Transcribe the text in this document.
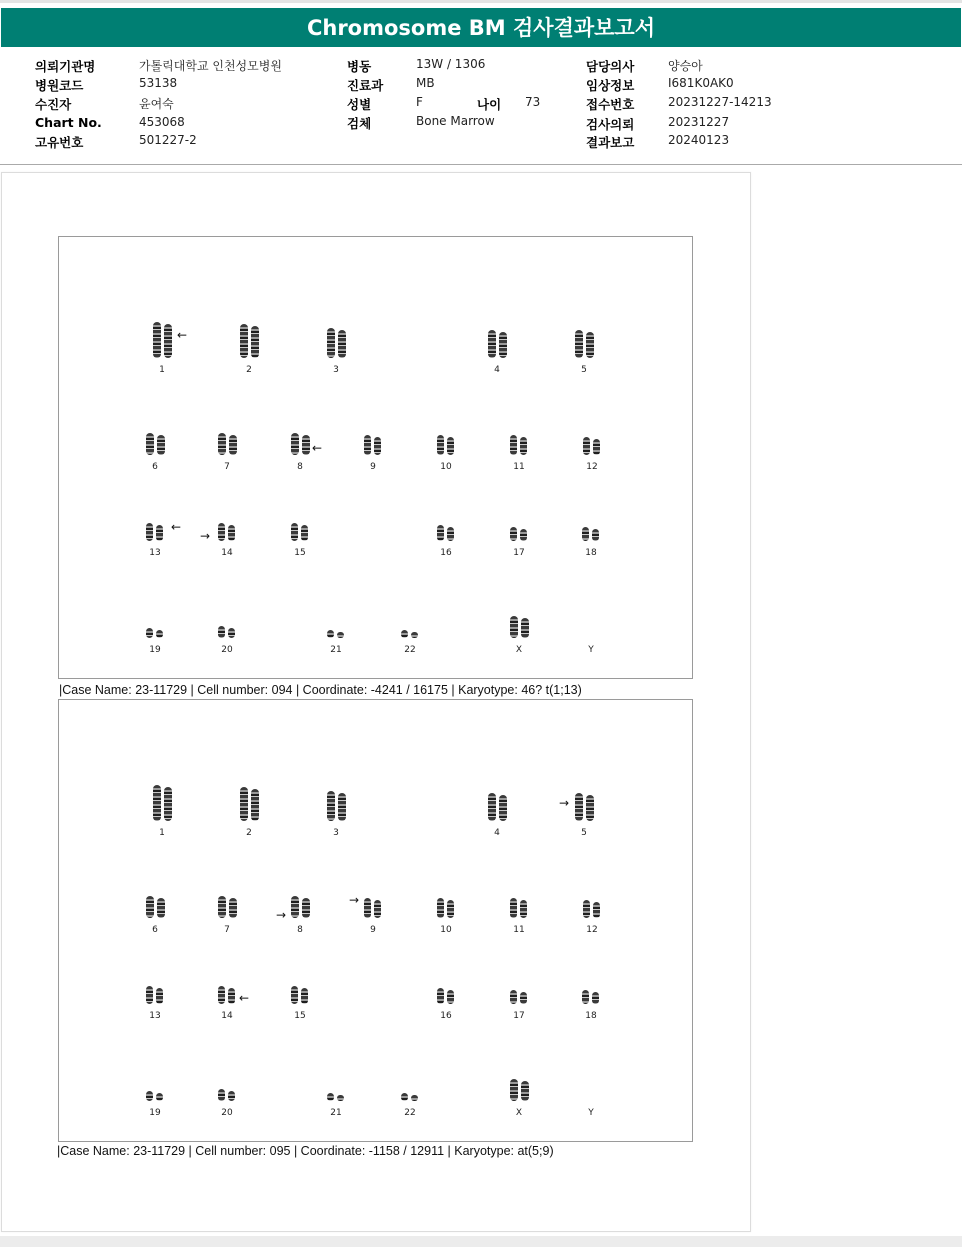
Chromosome BM 검사결과보고서
의뢰기관명	가톨릭대학교 인천성모병원
병원코드	53138
수진자	윤여숙
Chart No.	453068
고유번호	501227-2
병동	13W / 1306
진료과	MB
성별	F	나이 73
검체	Bone Marrow
담당의사	양승아
임상정보	I681K0AK0
접수번호	20231227-14213
검사의뢰	20231227
결과보고	20240123
1	2	3	4	5
6	7	8	9	10	11	12
13	14	15	16	17	18
19	20	21	22	X	Y
←
←
←
→
|Case Name: 23-11729 | Cell number: 094 | Coordinate: -4241 / 16175 | Karyotype: 46? t(1;13)
1	2	3	4	5
6	7	8	9	10	11	12
13	14	15	16	17	18
19	20	21	22	X	Y
→
→
→
←
|Case Name: 23-11729 | Cell number: 095 | Coordinate: -1158 / 12911 | Karyotype: at(5;9)
